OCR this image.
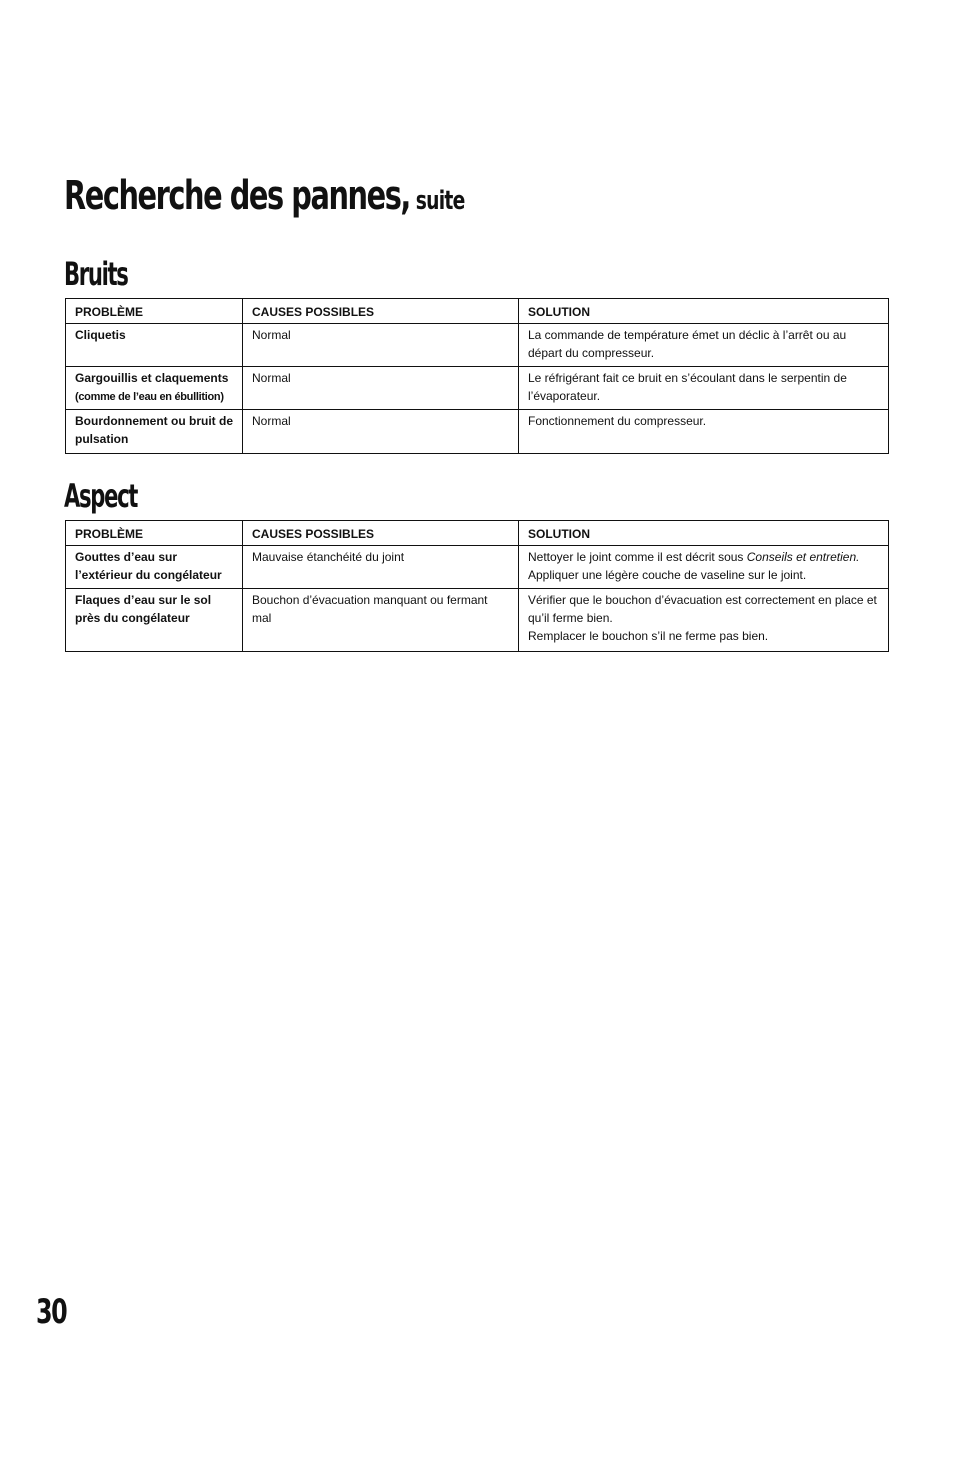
Recherche des pannes, suite
Bruits
PROBLÈME	CAUSES POSSIBLES	SOLUTION
Cliquetis	Normal	La commande de température émet un déclic à l’arrêt ou au départ du compresseur.
Gargouillis et claquements
(comme de l’eau en ébullition)	Normal	Le réfrigérant fait ce bruit en s’écoulant dans le serpentin de l’évaporateur.
Bourdonnement ou bruit de pulsation	Normal	Fonctionnement du compresseur.
Aspect
PROBLÈME	CAUSES POSSIBLES	SOLUTION
Gouttes d’eau sur l’extérieur du congélateur	Mauvaise étanchéité du joint	Nettoyer le joint comme il est décrit sous Conseils et entretien.
Appliquer une légère couche de vaseline sur le joint.
Flaques d’eau sur le sol près du congélateur	Bouchon d’évacuation manquant ou fermant mal	Vérifier que le bouchon d’évacuation est correctement en place et qu’il ferme bien.
Remplacer le bouchon s’il ne ferme pas bien.
30
